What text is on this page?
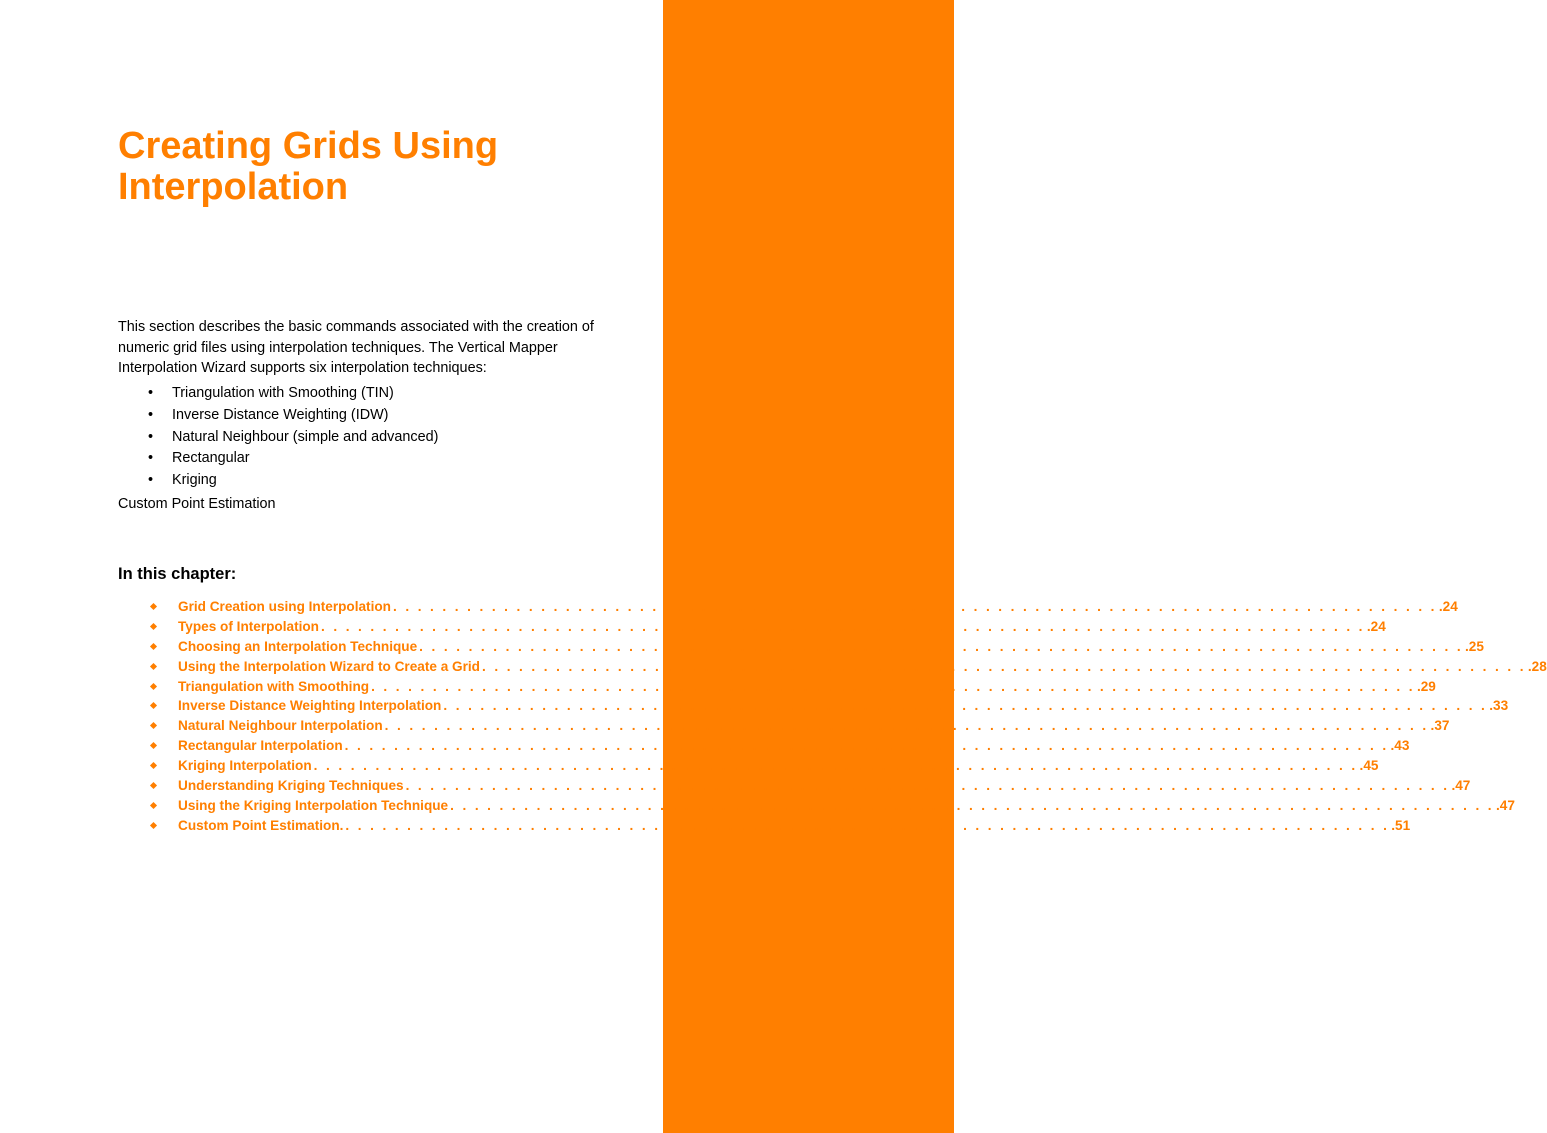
3
Creating Grids Using Interpolation

This section describes the basic commands associated with the creation of numeric grid files using interpolation techniques. The Vertical Mapper Interpolation Wizard supports six interpolation techniques:

•	Triangulation with Smoothing (TIN)
•	Inverse Distance Weighting (IDW)
•	Natural Neighbour (simple and advanced)
•	Rectangular
•	Kriging

Custom Point Estimation

In this chapter:
Grid Creation using Interpolation . . .	.24
Types of Interpolation . . .	.24
Choosing an Interpolation Technique . . .	.25
Using the Interpolation Wizard to Create a Grid . . .	.28
Triangulation with Smoothing . . .	.29
Inverse Distance Weighting Interpolation . . .	.33
Natural Neighbour Interpolation . . .	.37
Rectangular Interpolation . . .	.43
Kriging Interpolation . . .	.45
Understanding Kriging Techniques . . .	.47
Using the Kriging Interpolation Technique . . .	.47
Custom Point Estimation. . . .	.51
